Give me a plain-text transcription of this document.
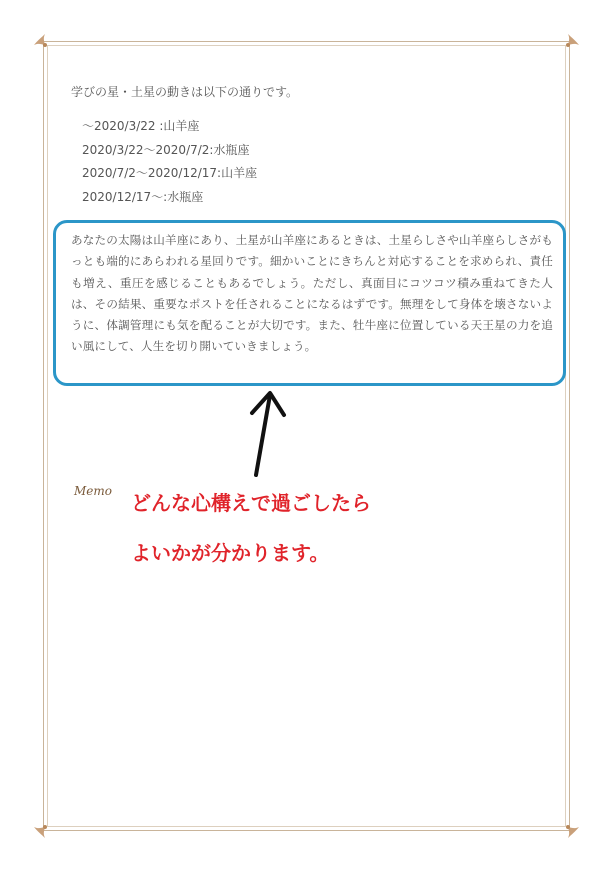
学びの星・土星の動きは以下の通りです。

〜2020/3/22 :山羊座
2020/3/22〜2020/7/2:水瓶座
2020/7/2〜2020/12/17:山羊座
2020/12/17〜:水瓶座

あなたの太陽は山羊座にあり、土星が山羊座にあるときは、土星らしさや山羊座らしさがもっとも端的にあらわれる星回りです。細かいことにきちんと対応することを求められ、責任も増え、重圧を感じることもあるでしょう。ただし、真面目にコツコツ積み重ねてきた人は、その結果、重要なポストを任されることになるはずです。無理をして身体を壊さないように、体調管理にも気を配ることが大切です。また、牡牛座に位置している天王星の力を追い風にして、人生を切り開いていきましょう。

Memo どんな心構えで過ごしたら
よいかが分かります。
